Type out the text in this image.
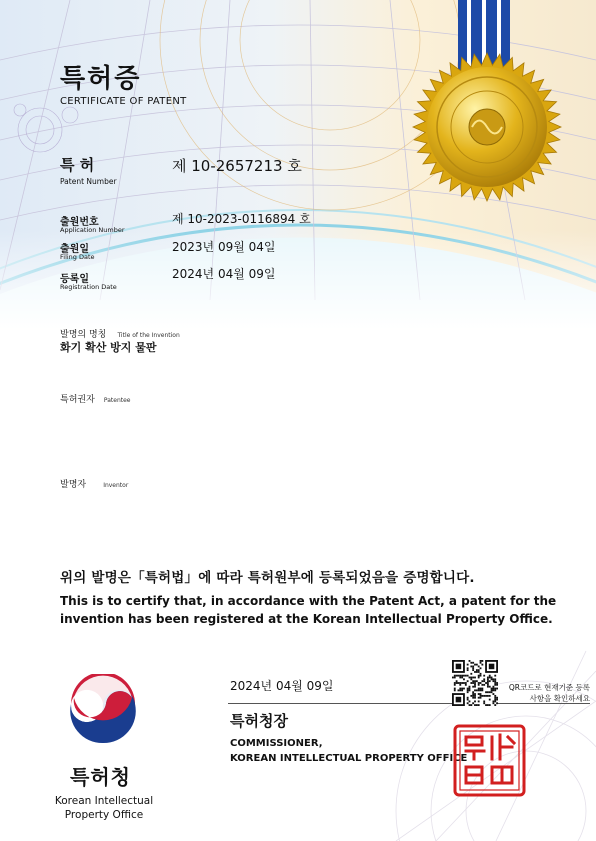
특허증
CERTIFICATE OF PATENT
특 허
Patent Number
제 10-2657213 호
출원번호
Application Number
제 10-2023-0116894 호
출원일
Filing Date
2023년 09월 04일
등록일
Registration Date
2024년 04월 09일
발명의 명칭 Title of the Invention
화기 확산 방지 물판
특허권자 Patentee
발명자	Inventor
위의 발명은「특허법」에 따라 특허원부에 등록되었음을 증명합니다.
This is to certify that, in accordance with the Patent Act, a patent for the invention has been registered at the Korean Intellectual Property Office.
2024년 04월 09일
특허청장
COMMISSIONER,
KOREAN INTELLECTUAL PROPERTY OFFICE
QR코드로 현재기준 등록사항을 확인하세요
특허청
Korean Intellectual Property Office
